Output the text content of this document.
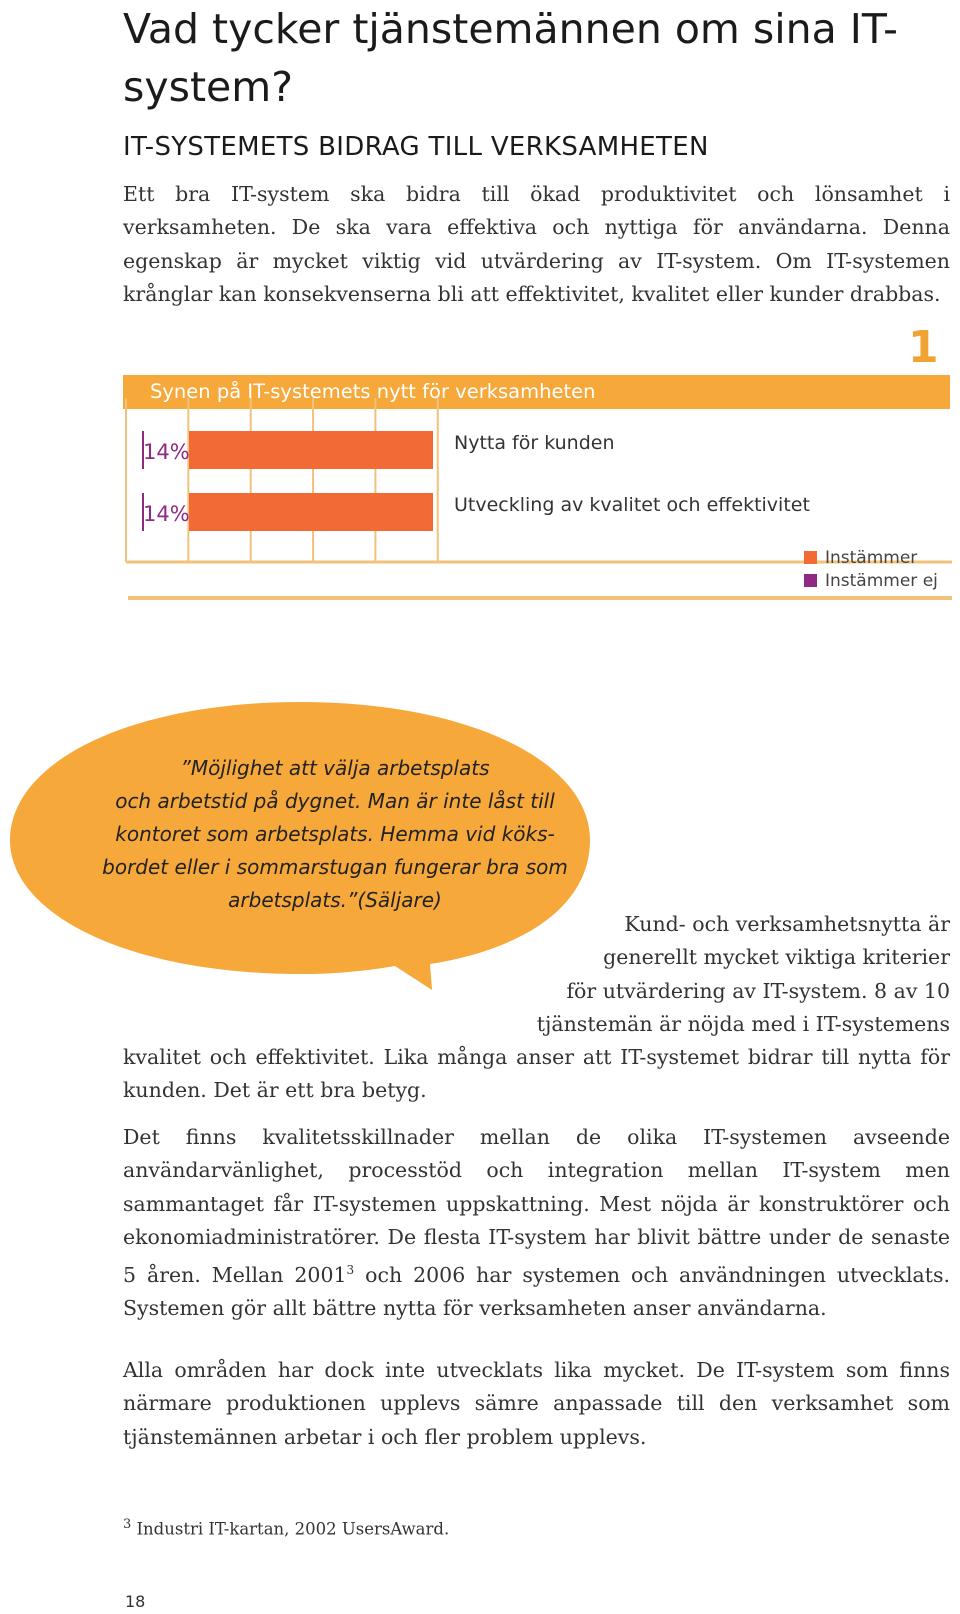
Vad tycker tjänstemännen om sina IT-system?
IT-SYSTEMETS BIDRAG TILL VERKSAMHETEN

Ett bra IT-system ska bidra till ökad produktivitet och lönsamhet i verksamheten. De ska vara effektiva och nyttiga för användarna. Denna egenskap är mycket viktig vid utvärdering av IT-system. Om IT-systemen krånglar kan konsekvenserna bli att effektivitet, kvalitet eller kunder drabbas.

1
Synen på IT-systemets nytt för verksamheten
14%	78%
14%	79 %
Nytta för kunden
Utveckling av kvalitet och effektivitet
Instämmer
Instämmer ej
”Möjlighet att välja arbetsplats
och arbetstid på dygnet. Man är inte låst till
kontoret som arbetsplats. Hemma vid köks-
bordet eller i sommarstugan fungerar bra som
arbetsplats.”(Säljare)
Kund- och verksamhetsnytta är
generellt mycket viktiga kriterier
för utvärdering av IT-system. 8 av 10
tjänstemän är nöjda med i IT-systemens
kvalitet och effektivitet. Lika många anser att IT-systemet bidrar till nytta för kunden. Det är ett bra betyg.

Det finns kvalitetsskillnader mellan de olika IT-systemen avseende användarvänlighet, processtöd och integration mellan IT-system men sammantaget får IT-systemen uppskattning. Mest nöjda är konstruktörer och ekonomiadministratörer. De flesta IT-system har blivit bättre under de senaste 5 åren. Mellan 2001$^3$ och 2006 har systemen och användningen utvecklats. Systemen gör allt bättre nytta för verksamheten anser användarna.

Alla områden har dock inte utvecklats lika mycket. De IT-system som finns närmare produktionen upplevs sämre anpassade till den verksamhet som tjänstemännen arbetar i och fler problem upplevs.

$^3$ Industri IT-kartan, 2002 UsersAward.
18
